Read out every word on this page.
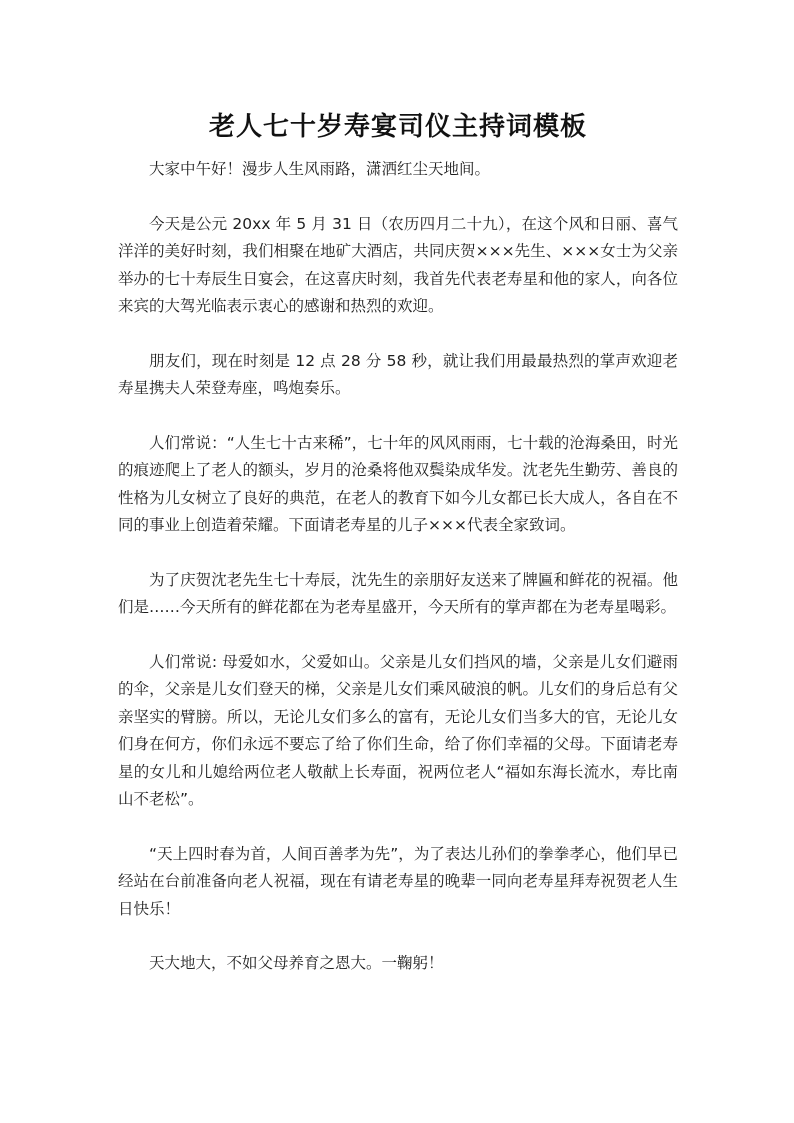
老人七十岁寿宴司仪主持词模板

大家中午好！漫步人生风雨路，潇洒红尘天地间。

今天是公元 20xx 年 5 月 31 日（农历四月二十九），在这个风和日丽、喜气洋洋的美好时刻，我们相聚在地矿大酒店，共同庆贺×××先生、×××女士为父亲举办的七十寿辰生日宴会，在这喜庆时刻，我首先代表老寿星和他的家人，向各位来宾的大驾光临表示衷心的感谢和热烈的欢迎。

朋友们，现在时刻是 12 点 28 分 58 秒，就让我们用最最热烈的掌声欢迎老寿星携夫人荣登寿座，鸣炮奏乐。

人们常说：“人生七十古来稀”，七十年的风风雨雨，七十载的沧海桑田，时光的痕迹爬上了老人的额头，岁月的沧桑将他双鬓染成华发。沈老先生勤劳、善良的性格为儿女树立了良好的典范，在老人的教育下如今儿女都已长大成人，各自在不同的事业上创造着荣耀。下面请老寿星的儿子×××代表全家致词。

为了庆贺沈老先生七十寿辰，沈先生的亲朋好友送来了牌匾和鲜花的祝福。他们是……今天所有的鲜花都在为老寿星盛开，今天所有的掌声都在为老寿星喝彩。

人们常说: 母爱如水，父爱如山。父亲是儿女们挡风的墙，父亲是儿女们避雨的伞，父亲是儿女们登天的梯，父亲是儿女们乘风破浪的帆。儿女们的身后总有父亲坚实的臂膀。所以，无论儿女们多么的富有，无论儿女们当多大的官，无论儿女们身在何方，你们永远不要忘了给了你们生命，给了你们幸福的父母。下面请老寿星的女儿和儿媳给两位老人敬献上长寿面，祝两位老人“福如东海长流水，寿比南山不老松”。

“天上四时春为首，人间百善孝为先”，为了表达儿孙们的拳拳孝心，他们早已经站在台前准备向老人祝福，现在有请老寿星的晚辈一同向老寿星拜寿祝贺老人生日快乐！

天大地大，不如父母养育之恩大。一鞠躬！
